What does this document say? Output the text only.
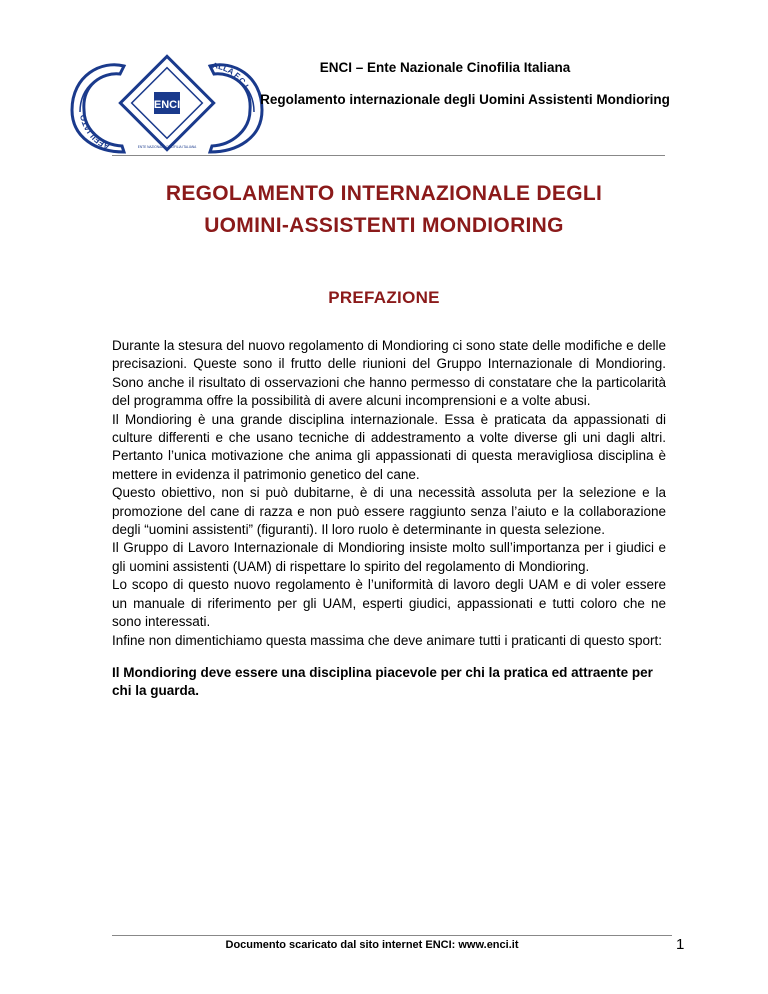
AFFILIATO
ALLA F.C.I.
ENCI
ENTE NAZIONALE CINOFILIA ITALIANA
ENCI – Ente Nazionale Cinofilia Italiana
Regolamento internazionale degli Uomini Assistenti Mondioring
REGOLAMENTO INTERNAZIONALE DEGLI
UOMINI-ASSISTENTI MONDIORING
PREFAZIONE

Durante la stesura del nuovo regolamento di Mondioring ci sono state delle modifiche e delle precisazioni. Queste sono il frutto delle riunioni del Gruppo Internazionale di Mondioring. Sono anche il risultato di osservazioni che hanno permesso di constatare che la particolarità del programma offre la possibilità di avere alcuni incomprensioni e a volte abusi.

Il Mondioring è una grande disciplina internazionale. Essa è praticata da appassionati di culture differenti e che usano tecniche di addestramento a volte diverse gli uni dagli altri. Pertanto l’unica motivazione che anima gli appassionati di questa meravigliosa disciplina è mettere in evidenza il patrimonio genetico del cane.

Questo obiettivo, non si può dubitarne, è di una necessità assoluta per la selezione e la promozione del cane di razza e non può essere raggiunto senza l’aiuto e la collaborazione degli “uomini assistenti” (figuranti). Il loro ruolo è determinante in questa selezione.

Il Gruppo di Lavoro Internazionale di Mondioring insiste molto sull’importanza per i giudici e gli uomini assistenti (UAM) di rispettare lo spirito del regolamento di Mondioring.

Lo scopo di questo nuovo regolamento è l’uniformità di lavoro degli UAM e di voler essere un manuale di riferimento per gli UAM, esperti giudici, appassionati e tutti coloro che ne sono interessati.

Infine non dimentichiamo questa massima che deve animare tutti i praticanti di questo sport:

Il Mondioring deve essere una disciplina piacevole per chi la pratica ed attraente per chi la guarda.
Documento scaricato dal sito internet ENCI: www.enci.it	1
